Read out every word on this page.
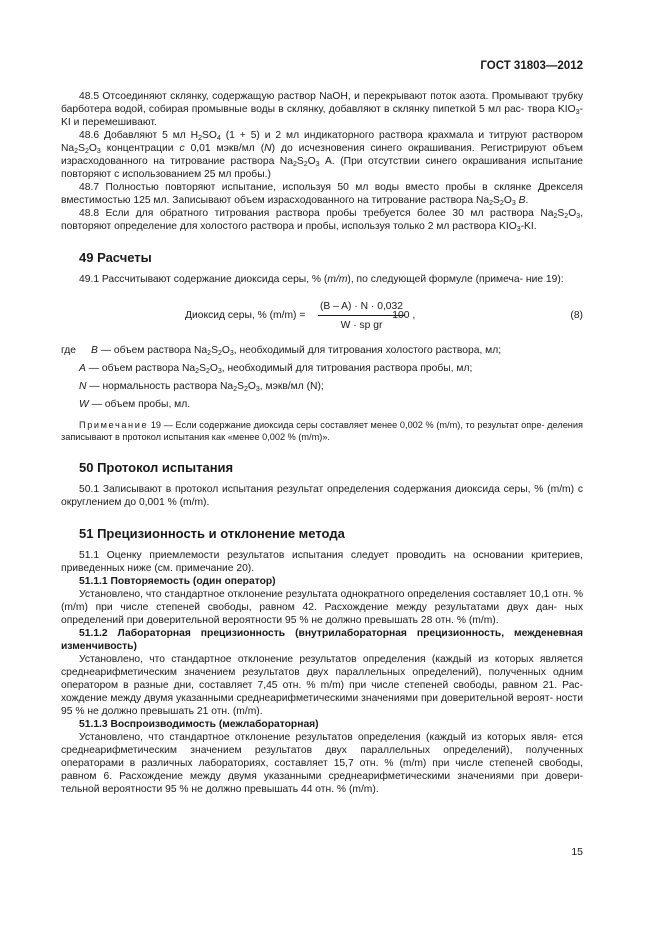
ГОСТ 31803—2012

48.5 Отсоединяют склянку, содержащую раствор NaOH, и перекрывают поток азота. Промывают трубку барботера водой, собирая промывные воды в склянку, добавляют в склянку пипеткой 5 мл рас- твора $KIO_3-KI$ и перемешивают.

48.6 Добавляют 5 мл $H_2SO_4$ (1 + 5) и 2 мл индикаторного раствора крахмала и титруют раствором $Na_2S_2O_3$ концентрации с 0,01 мэкв/мл (N) до исчезновения синего окрашивания. Регистрируют объем израсходованного на титрование раствора $Na_2S_2O_3$ А. (При отсутствии синего окрашивания испытание повторяют с использованием 25 мл пробы.)

48.7 Полностью повторяют испытание, используя 50 мл воды вместо пробы в склянке Дрекселя вместимостью 125 мл. Записывают объем израсходованного на титрование раствора $Na_2S_2O_3$ B.

48.8 Если для обратного титрования раствора пробы требуется более 30 мл раствора $Na_2S_2O_3$, повторяют определение для холостого раствора и пробы, используя только 2 мл раствора $KIO_3-KI$.

49 Расчеты

49.1 Рассчитывают содержание диоксида серы, % (m/m), по следующей формуле (примеча- ние 19):

Диоксид серы, % $(m/m) = \frac{(B - A) \cdot N \cdot 0,032}{\text{W · sp gr}}$
· 100 ,	(8)
где B — объем раствора $Na_2S_2O_3$, необходимый для титрования холостого раствора, мл;
A — объем раствора $Na_2S_2O_3$, необходимый для титрования раствора пробы, мл;
N — нормальность раствора $Na_2S_2O_3$, мэкв/мл (N);
W — объем пробы, мл.

Примечание 19 — Если содержание диоксида серы составляет менее 0,002 % (m/m), то результат опре- деления записывают в протокол испытания как «менее 0,002 % (m/m)».

50 Протокол испытания

50.1 Записывают в протокол испытания результат определения содержания диоксида серы, % (m/m) с округлением до 0,001 % (m/m).

51 Прецизионность и отклонение метода

51.1 Оценку приемлемости результатов испытания следует проводить на основании критериев, приведенных ниже (см. примечание 20).

51.1.1 Повторяемость (один оператор)

Установлено, что стандартное отклонение результата однократного определения составляет 10,1 отн. % (m/m) при числе степеней свободы, равном 42. Расхождение между результатами двух дан- ных определений при доверительной вероятности 95 % не должно превышать 28 отн. % (m/m).

51.1.2 Лабораторная прецизионность (внутрилабораторная прецизионность, межденевная изменчивость)

Установлено, что стандартное отклонение результатов определения (каждый из которых является среднеарифметическим значением результатов двух параллельных определений), полученных одним оператором в разные дни, составляет 7,45 отн. % m/m) при числе степеней свободы, равном 21. Рас- хождение между двумя указанными среднеарифметическими значениями при доверительной вероят- ности 95 % не должно превышать 21 отн. (m/m).

51.1.3 Воспроизводимость (межлабораторная)

Установлено, что стандартное отклонение результатов определения (каждый из которых явля- ется среднеарифметическим значением результатов двух параллельных определений), полученных операторами в различных лабораториях, составляет 15,7 отн. % (m/m) при числе степеней свободы, равном 6. Расхождение между двумя указанными среднеарифметическими значениями при довери- тельной вероятности 95 % не должно превышать 44 отн. % (m/m).

15
